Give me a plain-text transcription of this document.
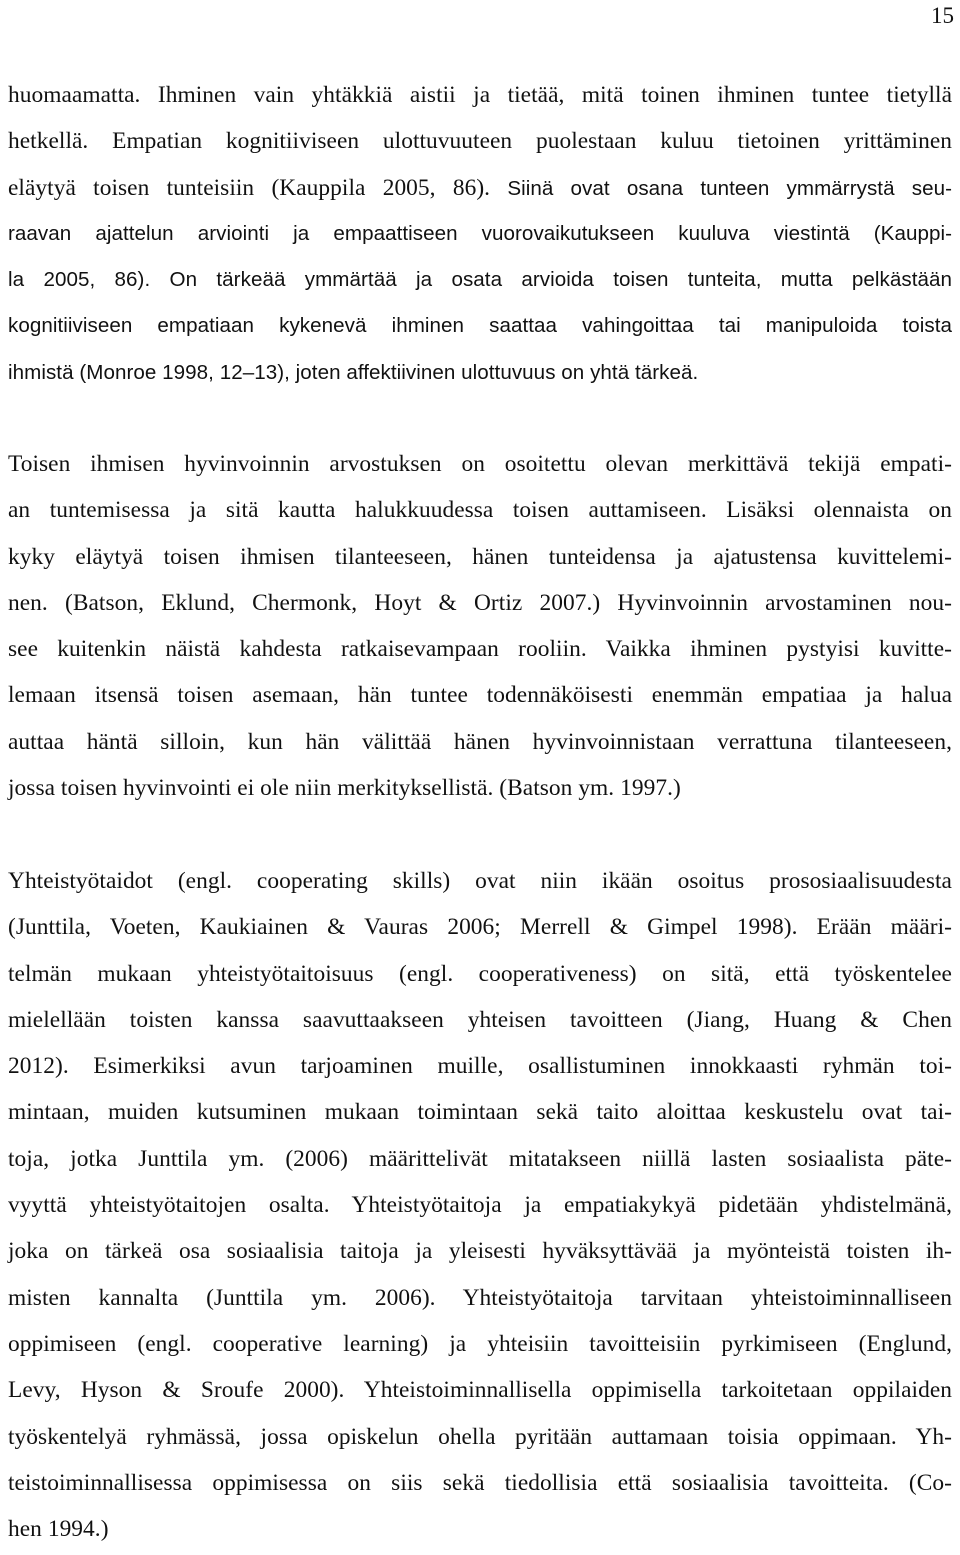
15
huomaamatta. Ihminen vain yhtäkkiä aistii ja tietää, mitä toinen ihminen tuntee tietyllä
hetkellä. Empatian kognitiiviseen ulottuvuuteen puolestaan kuluu tietoinen yrittäminen
eläytyä toisen tunteisiin (Kauppila 2005, 86). Siinä ovat osana tunteen ymmärrystä seu-
raavan ajattelun arviointi ja empaattiseen vuorovaikutukseen kuuluva viestintä (Kauppi-
la 2005, 86). On tärkeää ymmärtää ja osata arvioida toisen tunteita, mutta pelkästään
kognitiiviseen empatiaan kykenevä ihminen saattaa vahingoittaa tai manipuloida toista
ihmistä (Monroe 1998, 12–13), joten affektiivinen ulottuvuus on yhtä tärkeä.
Toisen ihmisen hyvinvoinnin arvostuksen on osoitettu olevan merkittävä tekijä empati-
an tuntemisessa ja sitä kautta halukkuudessa toisen auttamiseen. Lisäksi olennaista on
kyky eläytyä toisen ihmisen tilanteeseen, hänen tunteidensa ja ajatustensa kuvittelemi-
nen. (Batson, Eklund, Chermonk, Hoyt & Ortiz 2007.) Hyvinvoinnin arvostaminen nou-
see kuitenkin näistä kahdesta ratkaisevampaan rooliin. Vaikka ihminen pystyisi kuvitte-
lemaan itsensä toisen asemaan, hän tuntee todennäköisesti enemmän empatiaa ja halua
auttaa häntä silloin, kun hän välittää hänen hyvinvoinnistaan verrattuna tilanteeseen,
jossa toisen hyvinvointi ei ole niin merkityksellistä. (Batson ym. 1997.)
Yhteistyötaidot (engl. cooperating skills) ovat niin ikään osoitus prososiaalisuudesta
(Junttila, Voeten, Kaukiainen & Vauras 2006; Merrell & Gimpel 1998). Erään määri-
telmän mukaan yhteistyötaitoisuus (engl. cooperativeness) on sitä, että työskentelee
mielellään toisten kanssa saavuttaakseen yhteisen tavoitteen (Jiang, Huang & Chen
2012). Esimerkiksi avun tarjoaminen muille, osallistuminen innokkaasti ryhmän toi-
mintaan, muiden kutsuminen mukaan toimintaan sekä taito aloittaa keskustelu ovat tai-
toja, jotka Junttila ym. (2006) määrittelivät mitatakseen niillä lasten sosiaalista päte-
vyyttä yhteistyötaitojen osalta. Yhteistyötaitoja ja empatiakykyä pidetään yhdistelmänä,
joka on tärkeä osa sosiaalisia taitoja ja yleisesti hyväksyttävää ja myönteistä toisten ih-
misten kannalta (Junttila ym. 2006). Yhteistyötaitoja tarvitaan yhteistoiminnalliseen
oppimiseen (engl. cooperative learning) ja yhteisiin tavoitteisiin pyrkimiseen (Englund,
Levy, Hyson & Sroufe 2000). Yhteistoiminnallisella oppimisella tarkoitetaan oppilaiden
työskentelyä ryhmässä, jossa opiskelun ohella pyritään auttamaan toisia oppimaan. Yh-
teistoiminnallisessa oppimisessa on siis sekä tiedollisia että sosiaalisia tavoitteita. (Co-
hen 1994.)
